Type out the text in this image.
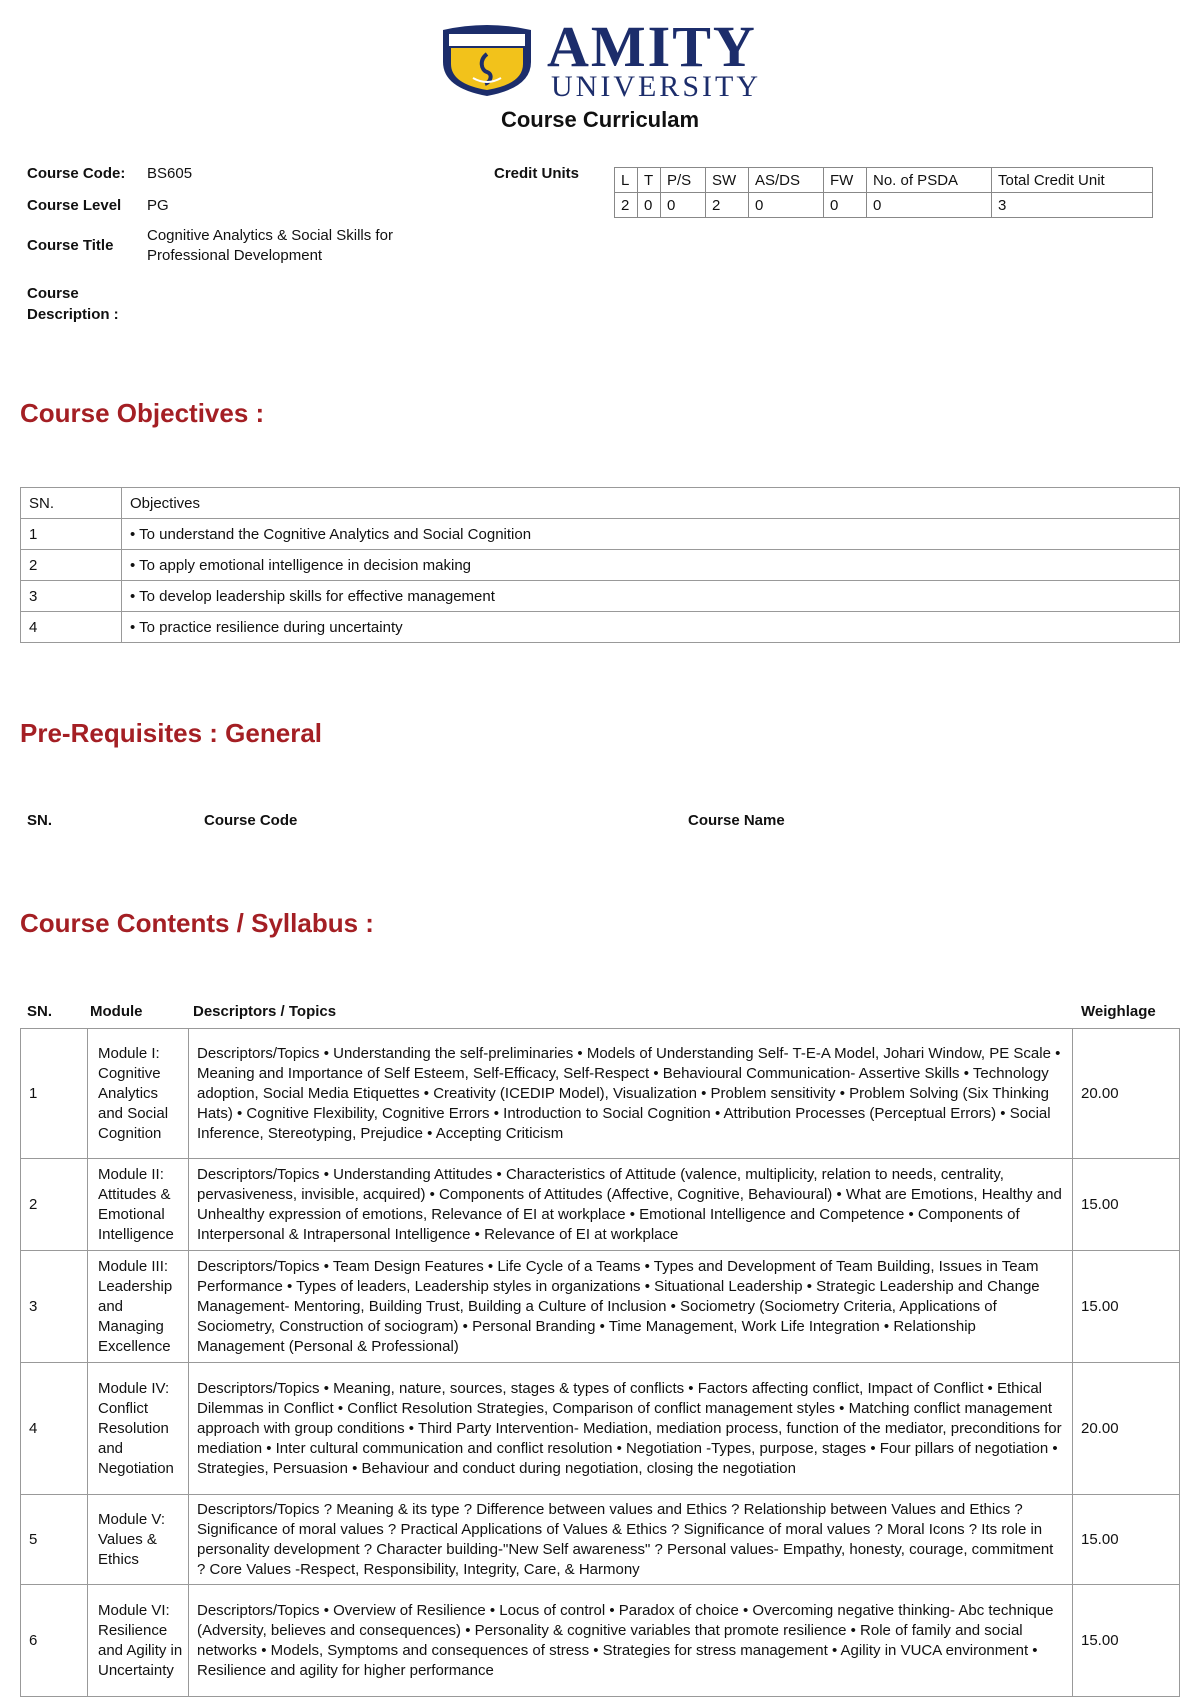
AMITY
UNIVERSITY
Course Curriculam
Course Code: BS605
Course Level PG
Course Title
Cognitive Analytics & Social Skills for
Professional Development
Course
Description :
Credit Units	L	T	P/S	SW	AS/DS	FW	No. of PSDA	Total Credit Unit
2	0	0	2	0	0	0	3
Course Objectives :
SN.	Objectives
1	• To understand the Cognitive Analytics and Social Cognition
2	• To apply emotional intelligence in decision making
3	• To develop leadership skills for effective management
4	• To practice resilience during uncertainty
Pre-Requisites : General
SN.	Course Code	Course Name
Course Contents / Syllabus :
SN.	Module	Descriptors / Topics	Weighlage
1	Module I: Cognitive Analytics and Social Cognition	Descriptors/Topics • Understanding the self-preliminaries • Models of Understanding Self- T-E-A Model, Johari Window, PE Scale • Meaning and Importance of Self Esteem, Self-Efficacy, Self-Respect • Behavioural Communication- Assertive Skills • Technology adoption, Social Media Etiquettes • Creativity (ICEDIP Model), Visualization • Problem sensitivity • Problem Solving (Six Thinking Hats) • Cognitive Flexibility, Cognitive Errors • Introduction to Social Cognition • Attribution Processes (Perceptual Errors) • Social Inference, Stereotyping, Prejudice • Accepting Criticism	20.00
2	Module II: Attitudes & Emotional Intelligence	Descriptors/Topics • Understanding Attitudes • Characteristics of Attitude (valence, multiplicity, relation to needs, centrality, pervasiveness, invisible, acquired) • Components of Attitudes (Affective, Cognitive, Behavioural) • What are Emotions, Healthy and Unhealthy expression of emotions, Relevance of EI at workplace • Emotional Intelligence and Competence • Components of Interpersonal & Intrapersonal Intelligence • Relevance of EI at workplace	15.00
3	Module III: Leadership and Managing Excellence	Descriptors/Topics • Team Design Features • Life Cycle of a Teams • Types and Development of Team Building, Issues in Team Performance • Types of leaders, Leadership styles in organizations • Situational Leadership • Strategic Leadership and Change Management- Mentoring, Building Trust, Building a Culture of Inclusion • Sociometry (Sociometry Criteria, Applications of Sociometry, Construction of sociogram) • Personal Branding • Time Management, Work Life Integration • Relationship Management (Personal & Professional)	15.00
4	Module IV: Conflict Resolution and Negotiation	Descriptors/Topics • Meaning, nature, sources, stages & types of conflicts • Factors affecting conflict, Impact of Conflict • Ethical Dilemmas in Conflict • Conflict Resolution Strategies, Comparison of conflict management styles • Matching conflict management approach with group conditions • Third Party Intervention- Mediation, mediation process, function of the mediator, preconditions for mediation • Inter cultural communication and conflict resolution • Negotiation -Types, purpose, stages • Four pillars of negotiation • Strategies, Persuasion • Behaviour and conduct during negotiation, closing the negotiation	20.00
5	Module V: Values & Ethics	Descriptors/Topics ? Meaning & its type ? Difference between values and Ethics ? Relationship between Values and Ethics ? Significance of moral values ? Practical Applications of Values & Ethics ? Significance of moral values ? Moral Icons ? Its role in personality development ? Character building-"New Self awareness" ? Personal values- Empathy, honesty, courage, commitment ? Core Values -Respect, Responsibility, Integrity, Care, & Harmony	15.00
6	Module VI: Resilience and Agility in Uncertainty	Descriptors/Topics • Overview of Resilience • Locus of control • Paradox of choice • Overcoming negative thinking- Abc technique (Adversity, believes and consequences) • Personality & cognitive variables that promote resilience • Role of family and social networks • Models, Symptoms and consequences of stress • Strategies for stress management • Agility in VUCA environment • Resilience and agility for higher performance	15.00
